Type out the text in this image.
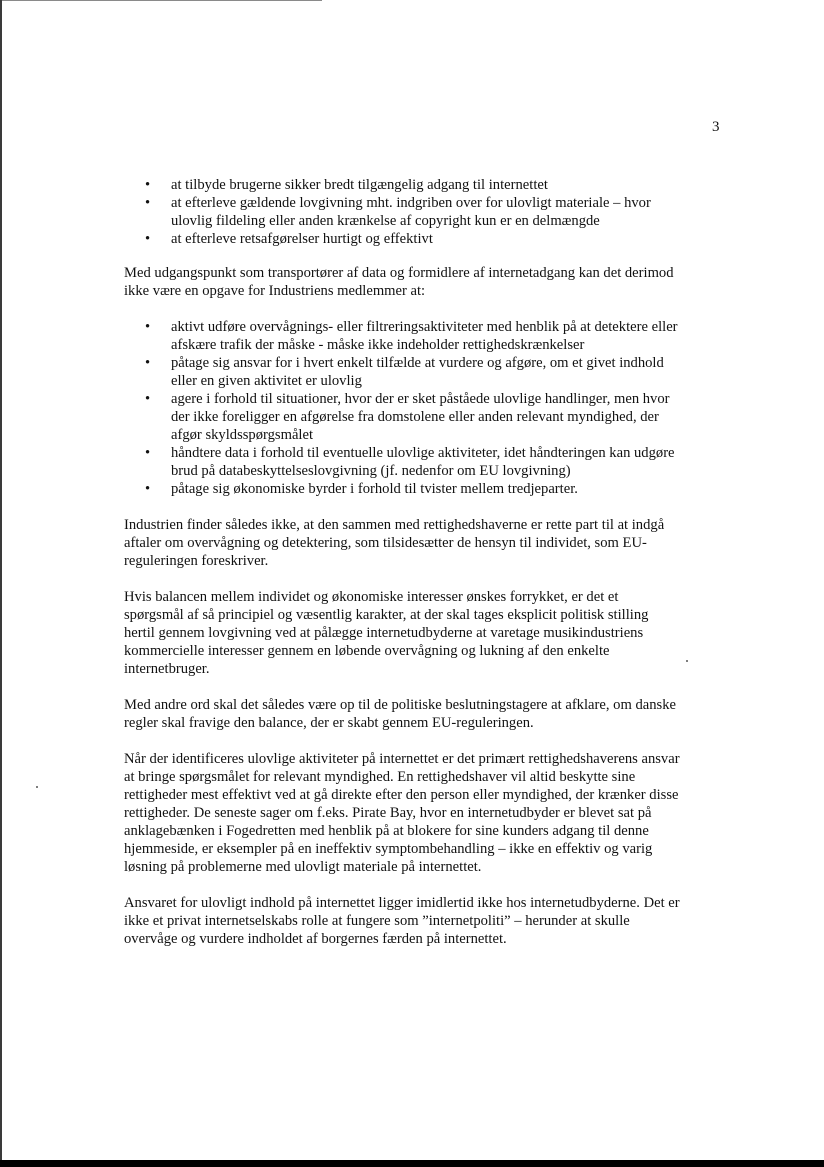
3
• at tilbyde brugerne sikker bredt tilgængelig adgang til internettet
• at efterleve gældende lovgivning mht. indgriben over for ulovligt materiale – hvor ulovlig fildeling eller anden krænkelse af copyright kun er en delmængde
• at efterleve retsafgørelser hurtigt og effektivt

Med udgangspunkt som transportører af data og formidlere af internetadgang kan det derimod ikke være en opgave for Industriens medlemmer at:

• aktivt udføre overvågnings- eller filtreringsaktiviteter med henblik på at detektere eller afskære trafik der måske - måske ikke indeholder rettighedskrænkelser
• påtage sig ansvar for i hvert enkelt tilfælde at vurdere og afgøre, om et givet indhold eller en given aktivitet er ulovlig
• agere i forhold til situationer, hvor der er sket påståede ulovlige handlinger, men hvor der ikke foreligger en afgørelse fra domstolene eller anden relevant myndighed, der afgør skyldsspørgsmålet
• håndtere data i forhold til eventuelle ulovlige aktiviteter, idet håndteringen kan udgøre brud på databeskyttelseslovgivning (jf. nedenfor om EU lovgivning)
• påtage sig økonomiske byrder i forhold til tvister mellem tredjeparter.

Industrien finder således ikke, at den sammen med rettighedshaverne er rette part til at indgå aftaler om overvågning og detektering, som tilsidesætter de hensyn til individet, som EU-reguleringen foreskriver.

Hvis balancen mellem individet og økonomiske interesser ønskes forrykket, er det et spørgsmål af så principiel og væsentlig karakter, at der skal tages eksplicit politisk stilling hertil gennem lovgivning ved at pålægge internetudbyderne at varetage musikindustriens kommercielle interesser gennem en løbende overvågning og lukning af den enkelte internetbruger.

Med andre ord skal det således være op til de politiske beslutningstagere at afklare, om danske regler skal fravige den balance, der er skabt gennem EU-reguleringen.

Når der identificeres ulovlige aktiviteter på internettet er det primært rettighedshaverens ansvar at bringe spørgsmålet for relevant myndighed. En rettighedshaver vil altid beskytte sine rettigheder mest effektivt ved at gå direkte efter den person eller myndighed, der krænker disse rettigheder. De seneste sager om f.eks. Pirate Bay, hvor en internetudbyder er blevet sat på anklagebænken i Fogedretten med henblik på at blokere for sine kunders adgang til denne hjemmeside, er eksempler på en ineffektiv symptombehandling – ikke en effektiv og varig løsning på problemerne med ulovligt materiale på internettet.

Ansvaret for ulovligt indhold på internettet ligger imidlertid ikke hos internetudbyderne. Det er ikke et privat internetselskabs rolle at fungere som ”internetpoliti” – herunder at skulle overvåge og vurdere indholdet af borgernes færden på internettet.
